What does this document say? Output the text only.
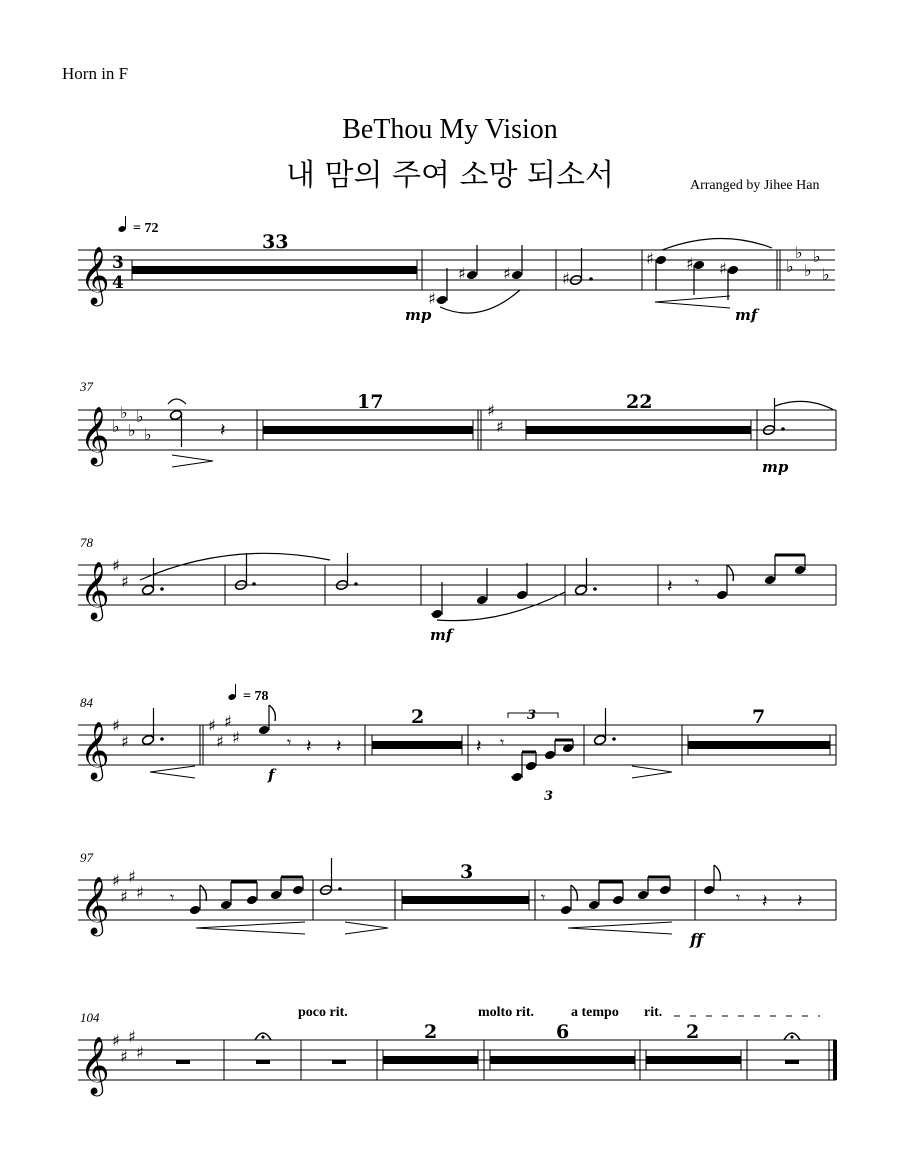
Horn in F
BeThou My Vision
내 맘의 주여 소망 되소서	Arranged by Jihee Han
𝄞 3
4
= 72
33
♯
♯ ♯
mp
♯
♯ ♯ ♯
mf
♭
♭
♭
♭
♭
37
𝄞 ♭
♭
♭
♭
♭	𝄽
17	♯
♯
22
mp
78
𝄞 ♯
♯
mf
𝄽 𝄾
84
𝄞 ♯
♯
♯
♯
♯
♯
= 78
𝄾 𝄽 𝄽
f
2
𝄽 𝄾
3
3
7
97
𝄞 ♯
♯
♯
♯ 𝄾
3
𝄾	𝄾 𝄽 𝄽
ff
104
𝄞 ♯
♯
♯
♯
poco rit.
2
molto rit.
6
a tempo rit.
2
